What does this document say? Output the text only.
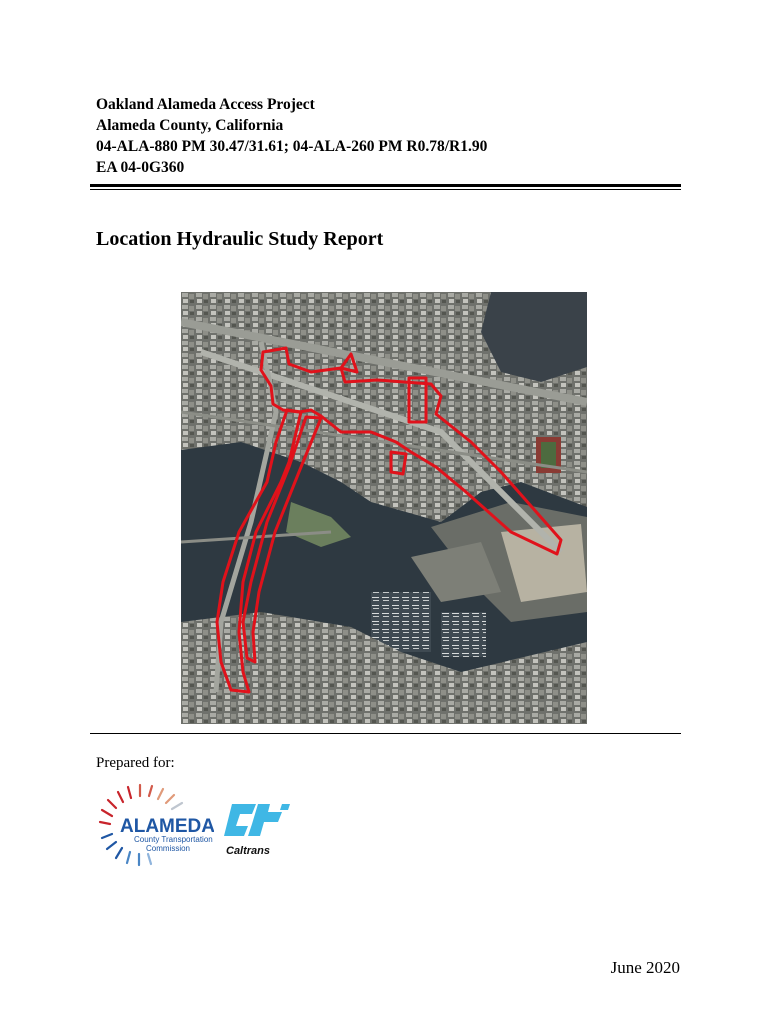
Oakland Alameda Access Project
Alameda County, California
04-ALA-880 PM 30.47/31.61; 04-ALA-260 PM R0.78/R1.90
EA 04-0G360
Location Hydraulic Study Report
Prepared for:
ALAMEDA
County Transportation
Commission	Caltrans
June 2020
